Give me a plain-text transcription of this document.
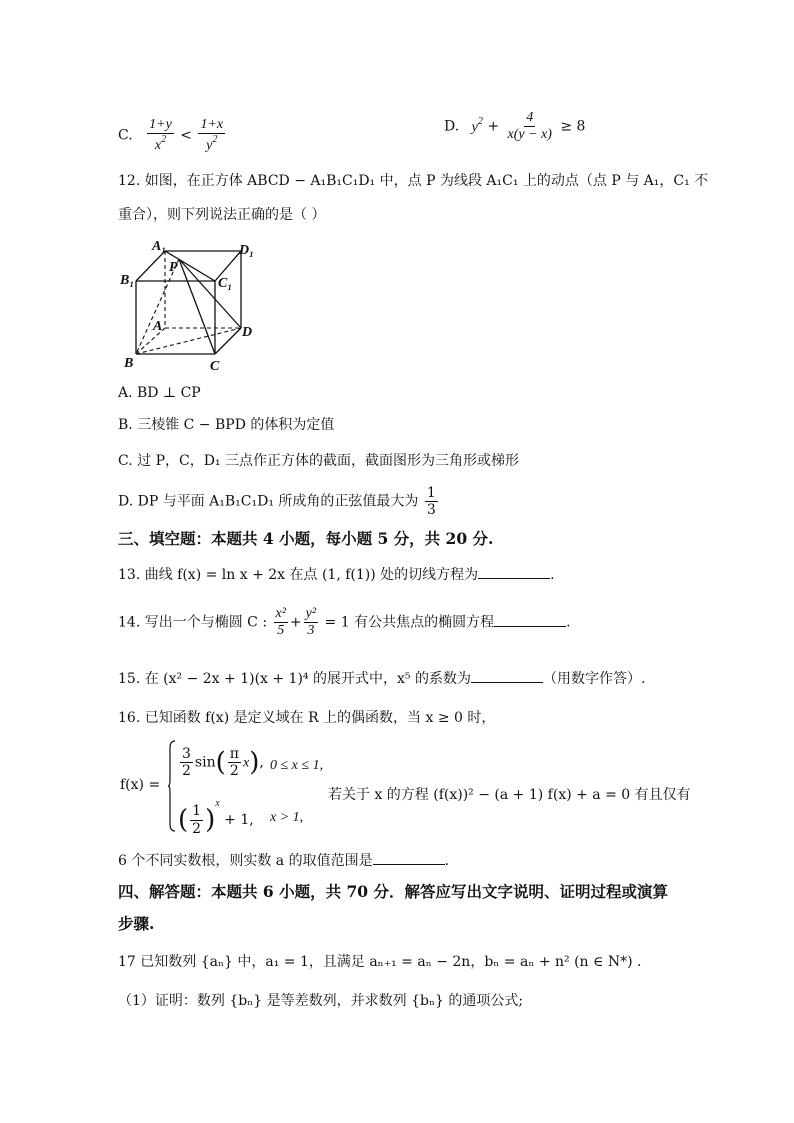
C. $\frac{1+y}{x^2} < \frac{1+x}{y^2}$	D. $y^2 + \frac{4}{x(y - x)} \ge 8$
12. 如图，在正方体 ABCD − A₁B₁C₁D₁ 中，点 P 为线段 A₁C₁ 上的动点（点 P 与 A₁，C₁ 不
重合），则下列说法正确的是（ ）
A₁	D₁
B₁	C₁
P
A	D
B	C
A. BD ⊥ CP
B. 三棱锥 C − BPD 的体积为定值
C. 过 P，C，D₁ 三点作正方体的截面，截面图形为三角形或梯形
D. DP 与平面 A₁B₁C₁D₁ 所成角的正弦值最大为 $\frac{1}{3}$
三、填空题：本题共 4 小题，每小题 5 分，共 20 分.
13. 曲线 f(x) = ln x + 2x 在点 (1, f(1)) 处的切线方程为	.
14. 写出一个与椭圆 C : $\frac{\text{x²}}{5} + \frac{\text{y²}}{3} = 1$ 有公共焦点的椭圆方程	.
15. 在 (x² − 2x + 1)(x + 1)⁴ 的展开式中，x⁵ 的系数为	（用数字作答）.
16. 已知函数 f(x) 是定义域在 R 上的偶函数，当 x ≥ 0 时，
f(x) =
$\frac{3}{2} \sin( \frac{\pi}{2} x)$, 0 ≤ x ≤ 1,
( $\frac{1}{2} )^x + 1$, x > 1,
若关于 x 的方程 (f(x))² − (a + 1) f(x) + a = 0 有且仅有
6 个不同实数根，则实数 a 的取值范围是	.
四、解答题：本题共 6 小题，共 70 分．解答应写出文字说明、证明过程或演算
步骤.
17 已知数列 {aₙ} 中，a₁ = 1，且满足 aₙ₊₁ = aₙ − 2n，bₙ = aₙ + n² (n ∈ N*) .
（1）证明：数列 {bₙ} 是等差数列，并求数列 {bₙ} 的通项公式;
